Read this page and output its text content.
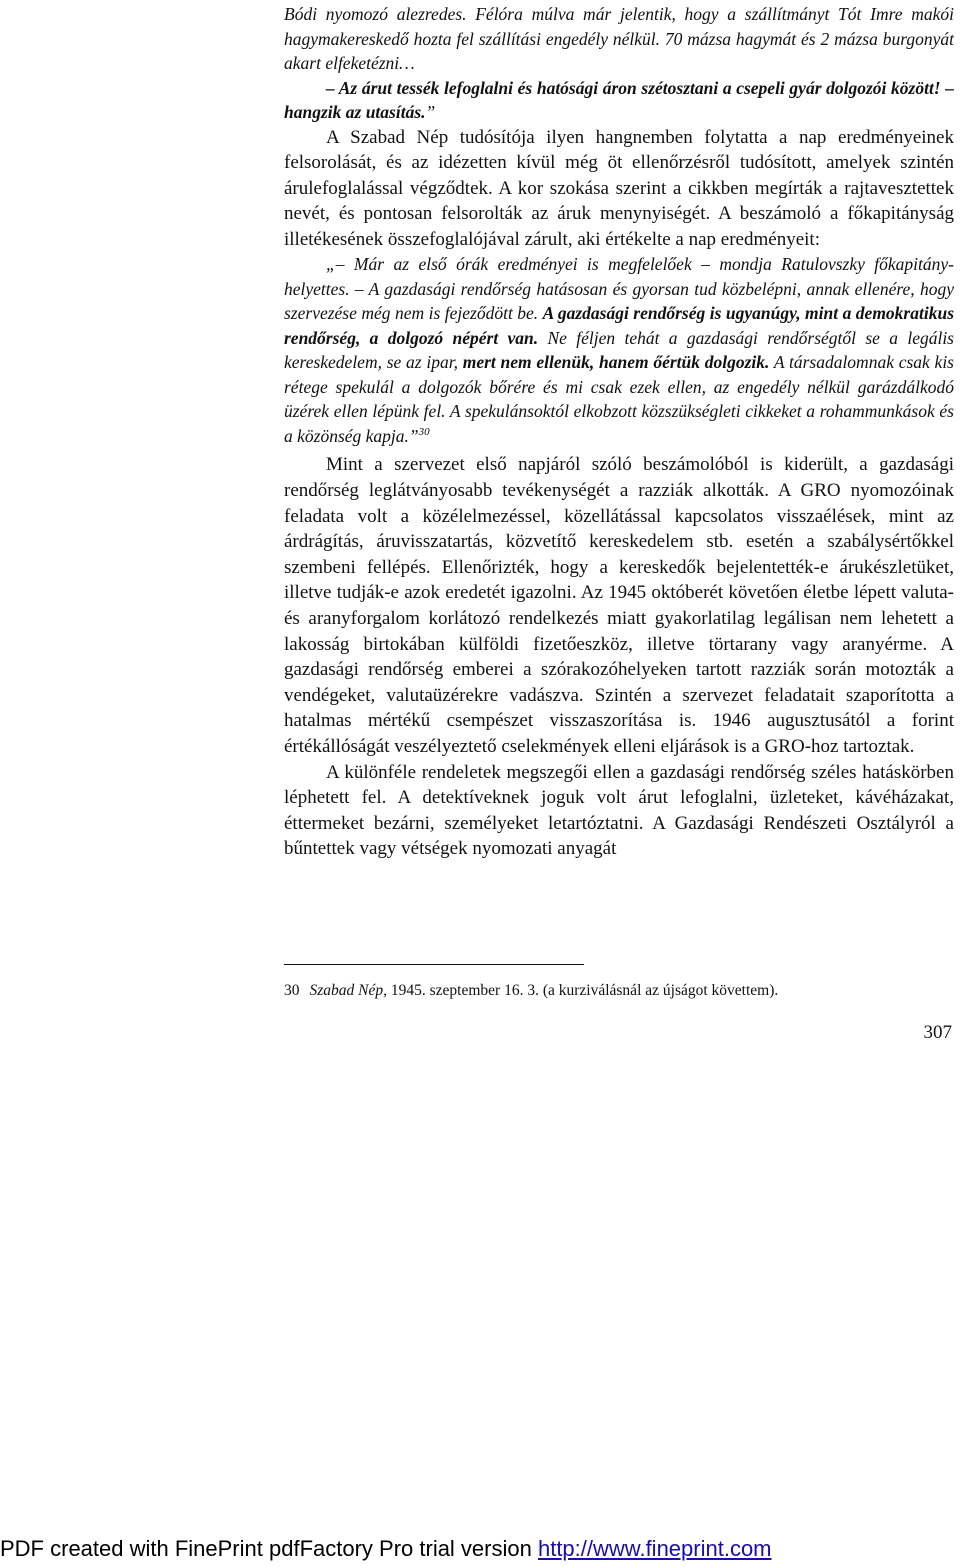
Bódi nyomozó alezredes. Félóra múlva már jelentik, hogy a szállítmányt Tót Imre makói hagymakereskedő hozta fel szállítási engedély nélkül. 70 mázsa hagymát és 2 mázsa burgonyát akart elfeketézni…

– Az árut tessék lefoglalni és hatósági áron szétosztani a csepeli gyár dolgozói között! – hangzik az utasítás.”

A Szabad Nép tudósítója ilyen hangnemben folytatta a nap eredményeinek felsorolását, és az idézetten kívül még öt ellenőrzésről tudósított, amelyek szintén árulefoglalással végződtek. A kor szokása szerint a cikkben megírták a rajtavesztettek nevét, és pontosan felsorolták az áruk menynyiségét. A beszámoló a főkapitányság illetékesének összefoglalójával zárult, aki értékelte a nap eredményeit:

„– Már az első órák eredményei is megfelelőek – mondja Ratulovszky főkapitány-helyettes. – A gazdasági rendőrség hatásosan és gyorsan tud közbelépni, annak ellenére, hogy szervezése még nem is fejeződött be. A gazdasági rendőrség is ugyanúgy, mint a demokratikus rendőrség, a dolgozó népért van. Ne féljen tehát a gazdasági rendőrségtől se a legális kereskedelem, se az ipar, mert nem ellenük, hanem őértük dolgozik. A társadalomnak csak kis rétege spekulál a dolgozók bőrére és mi csak ezek ellen, az engedély nélkül garázdálkodó üzérek ellen lépünk fel. A spekulánsoktól elkobzott közszükségleti cikkeket a rohammunkások és a közönség kapja.”$^{30}$

Mint a szervezet első napjáról szóló beszámolóból is kiderült, a gazdasági rendőrség leglátványosabb tevékenységét a razziák alkották. A GRO nyomozóinak feladata volt a közélelmezéssel, közellátással kapcsolatos visszaélések, mint az árdrágítás, áruvisszatartás, közvetítő kereskedelem stb. esetén a szabálysértőkkel szembeni fellépés. Ellenőrizték, hogy a kereskedők bejelentették-e árukészletüket, illetve tudják-e azok eredetét igazolni. Az 1945 októberét követően életbe lépett valuta- és aranyforgalom korlátozó rendelkezés miatt gyakorlatilag legálisan nem lehetett a lakosság birtokában külföldi fizetőeszköz, illetve törtarany vagy aranyérme. A gazdasági rendőrség emberei a szórakozóhelyeken tartott razziák során motozták a vendégeket, valutaüzérekre vadászva. Szintén a szervezet feladatait szaporította a hatalmas mértékű csempészet visszaszorítása is. 1946 augusztusától a forint értékállóságát veszélyeztető cselekmények elleni eljárások is a GRO-hoz tartoztak.

A különféle rendeletek megszegői ellen a gazdasági rendőrség széles hatáskörben léphetett fel. A detektíveknek joguk volt árut lefoglalni, üzleteket, kávéházakat, éttermeket bezárni, személyeket letartóztatni. A Gazdasági Rendészeti Osztályról a bűntettek vagy vétségek nyomozati anyagát

30 Szabad Nép, 1945. szeptember 16. 3. (a kurziválásnál az újságot követtem).
307
PDF created with FinePrint pdfFactory Pro trial version http://www.fineprint.com
